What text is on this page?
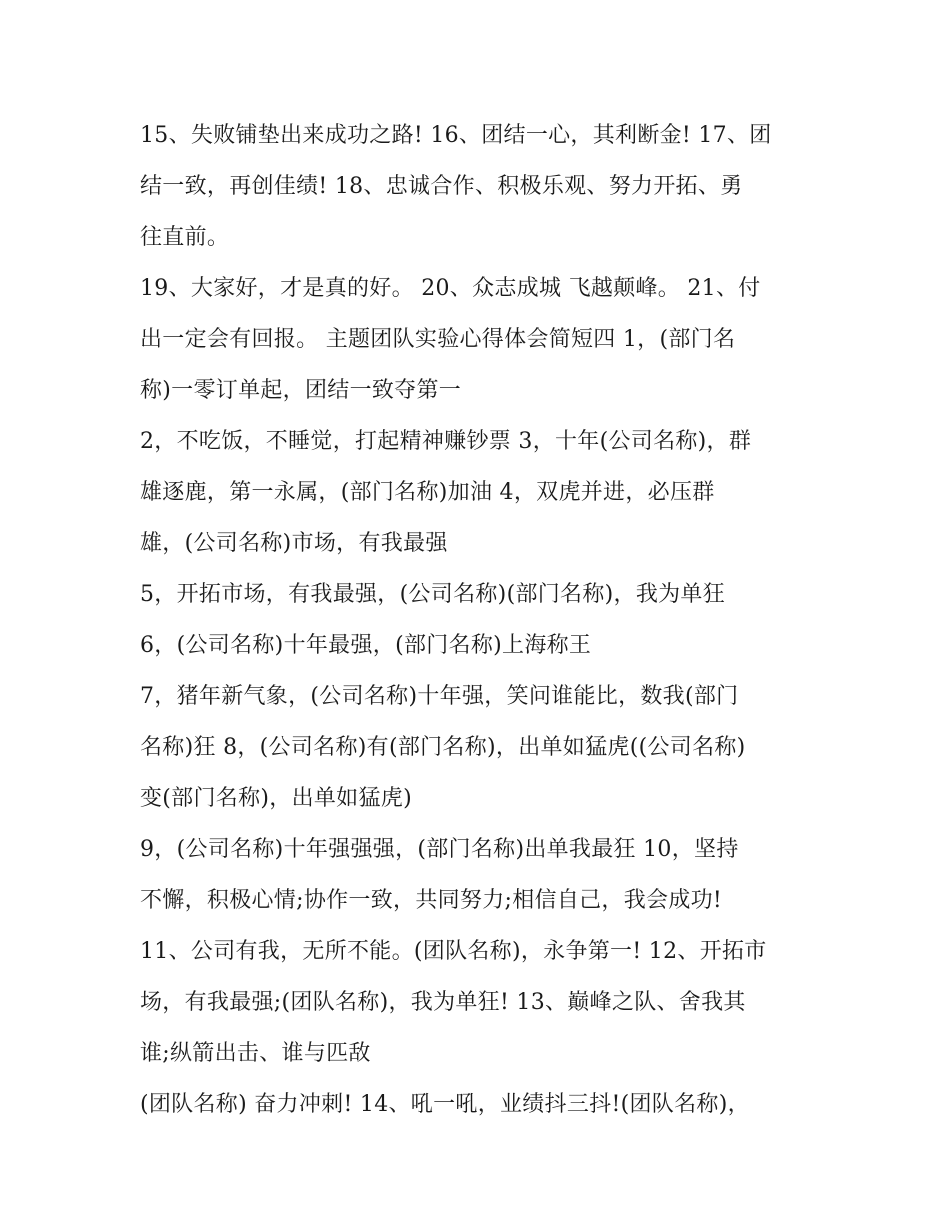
15、失败铺垫出来成功之路! 16、团结一心，其利断金! 17、团
结一致，再创佳绩! 18、忠诚合作、积极乐观、努力开拓、勇
往直前。
19、大家好，才是真的好。 20、众志成城 飞越颠峰。 21、付
出一定会有回报。 主题团队实验心得体会简短四 1，(部门名
称)一零订单起，团结一致夺第一
2，不吃饭，不睡觉，打起精神赚钞票 3，十年(公司名称)，群
雄逐鹿，第一永属，(部门名称)加油 4，双虎并进，必压群
雄，(公司名称)市场，有我最强
5，开拓市场，有我最强，(公司名称)(部门名称)，我为单狂
6，(公司名称)十年最强，(部门名称)上海称王
7，猪年新气象，(公司名称)十年强，笑问谁能比，数我(部门
名称)狂 8，(公司名称)有(部门名称)，出单如猛虎((公司名称)
变(部门名称)，出单如猛虎)
9，(公司名称)十年强强强，(部门名称)出单我最狂 10，坚持
不懈，积极心情;协作一致，共同努力;相信自己，我会成功!
11、公司有我，无所不能。(团队名称)，永争第一! 12、开拓市
场，有我最强;(团队名称)，我为单狂! 13、巅峰之队、舍我其
谁;纵箭出击、谁与匹敌
(团队名称) 奋力冲刺! 14、吼一吼，业绩抖三抖!(团队名称)，
